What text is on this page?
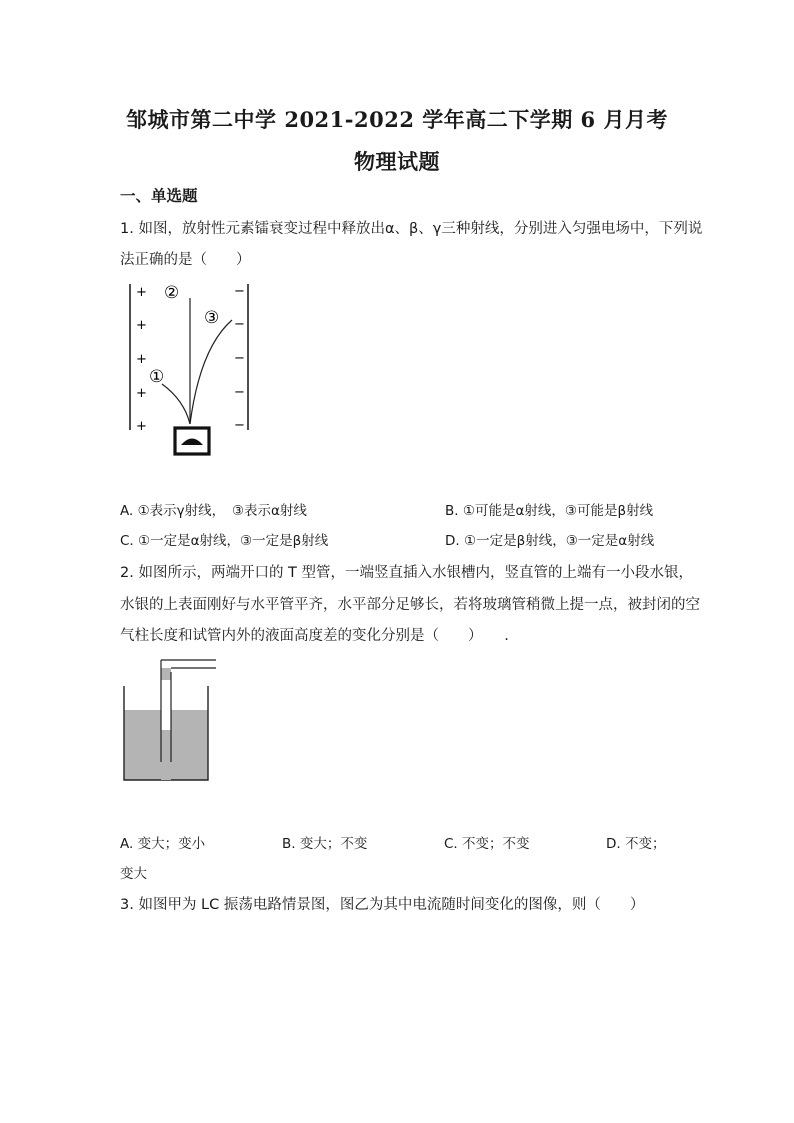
邹城市第二中学 2021-2022 学年高二下学期 6 月月考
物理试题
一、单选题
1. 如图，放射性元素镭衰变过程中释放出α、β、γ三种射线，分别进入匀强电场中，下列说
法正确的是（　　）
+
+
+
+
+
−
−
−
−
−
②
③
①
A. ①表示γ射线，　③表示α射线	B. ①可能是α射线，③可能是β射线
C. ①一定是α射线，③一定是β射线	D. ①一定是β射线，③一定是α射线
2. 如图所示，两端开口的 T 型管，一端竖直插入水银槽内，竖直管的上端有一小段水银，
水银的上表面刚好与水平管平齐，水平部分足够长，若将玻璃管稍微上提一点，被封闭的空
气柱长度和试管内外的液面高度差的变化分别是（　　）　　.
A. 变大；变小	B. 变大；不变	C. 不变；不变	D. 不变；
变大
3. 如图甲为 LC 振荡电路情景图，图乙为其中电流随时间变化的图像，则（　　）
